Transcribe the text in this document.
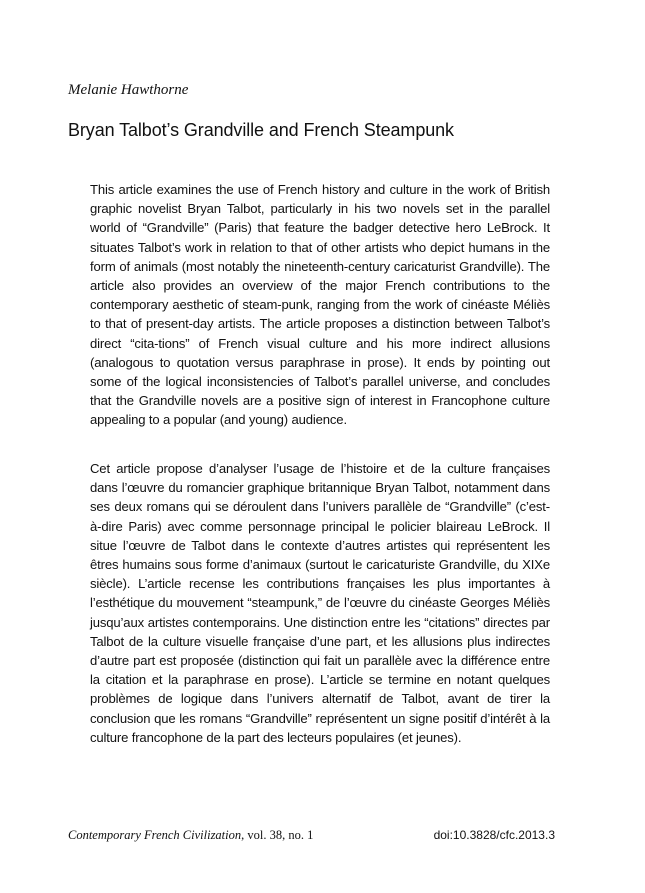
Melanie Hawthorne

Bryan Talbot’s Grandville and French Steampunk

This article examines the use of French history and culture in the work of British graphic novelist Bryan Talbot, particularly in his two novels set in the parallel world of “Grandville” (Paris) that feature the badger detective hero LeBrock. It situates Talbot’s work in relation to that of other artists who depict humans in the form of animals (most notably the nineteenth-century caricaturist Grandville). The article also provides an overview of the major French contributions to the contemporary aesthetic of steam-punk, ranging from the work of cinéaste Méliès to that of present-day artists. The article proposes a distinction between Talbot’s direct “cita-tions” of French visual culture and his more indirect allusions (analogous to quotation versus paraphrase in prose). It ends by pointing out some of the logical inconsistencies of Talbot’s parallel universe, and concludes that the Grandville novels are a positive sign of interest in Francophone culture appealing to a popular (and young) audience.

Cet article propose d’analyser l’usage de l’histoire et de la culture françaises dans l’œuvre du romancier graphique britannique Bryan Talbot, notamment dans ses deux romans qui se déroulent dans l’univers parallèle de “Grandville” (c’est-à-dire Paris) avec comme personnage principal le policier blaireau LeBrock. Il situe l’œuvre de Talbot dans le contexte d’autres artistes qui représentent les êtres humains sous forme d’animaux (surtout le caricaturiste Grandville, du XIXe siècle). L’article recense les contributions françaises les plus importantes à l’esthétique du mouvement “steampunk,” de l’œuvre du cinéaste Georges Méliès jusqu’aux artistes contemporains. Une distinction entre les “citations” directes par Talbot de la culture visuelle française d’une part, et les allusions plus indirectes d’autre part est proposée (distinction qui fait un parallèle avec la différence entre la citation et la paraphrase en prose). L’article se termine en notant quelques problèmes de logique dans l’univers alternatif de Talbot, avant de tirer la conclusion que les romans “Grandville” représentent un signe positif d’intérêt à la culture francophone de la part des lecteurs populaires (et jeunes).

Contemporary French Civilization, vol. 38, no. 1	doi:10.3828/cfc.2013.3
